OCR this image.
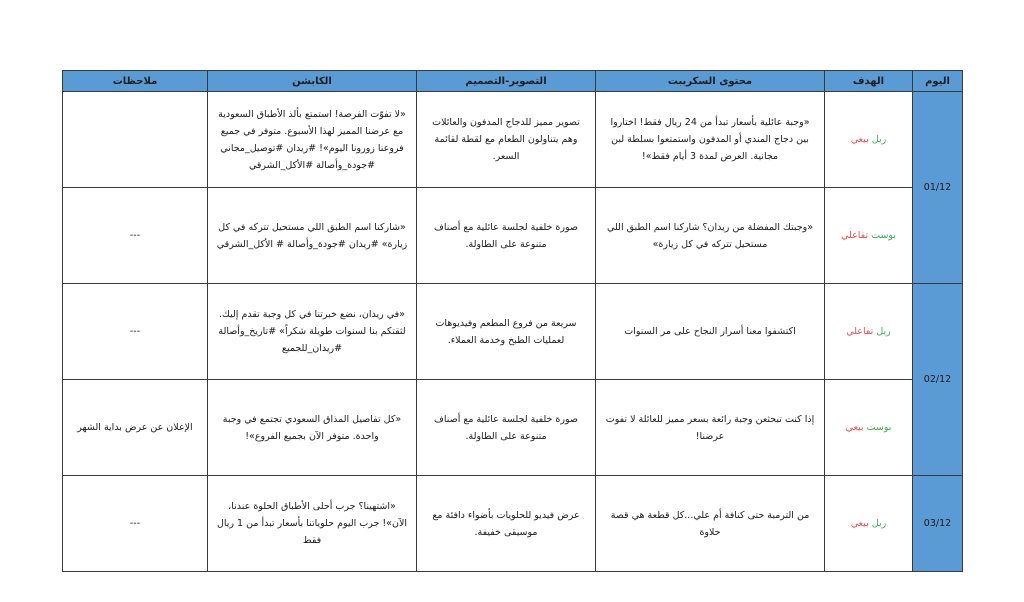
اليوم	الهدف	محتوى السكريبت	التصوير-التصميم	الكابشن	ملاحظات
01/12	ريل بيعي	«وجبة عائلية بأسعار تبدأ من 24 ريال فقط! اختاروا بين دجاج المندي أو المدفون واستمتعوا بسلطة لبن مجانية. العرض لمدة 3 أيام فقط»!	تصوير مميز للدجاج المدفون والعائلات وهم يتناولون الطعام مع لقطة لقائمة السعر.	«لا تفوّت الفرصة! استمتع بألذ الأطباق السعودية مع عرضنا المميز لهذا الأسبوع. متوفر في جميع فروعنا زورونا اليوم»! #ريدان #توصيل_مجاني #جودة_وأصالة #الأكل_الشرقي	
	بوست تفاعلي	«وجبتك المفضلة من ريدان؟ شاركنا اسم الطبق اللي مستحيل تتركه في كل زيارة»	صورة خلفية لجلسة عائلية مع أصناف متنوعة على الطاولة.	«شاركنا اسم الطبق اللي مستحيل تتركه في كل زيارة» #ريدان #جودة_وأصالة # الأكل_الشرقي	---
02/12	ريل تفاعلي	اكتشفوا معنا أسرار النجاح على مر السنوات	سريعة من فروع المطعم وفيديوهات لعمليات الطبخ وخدمة العملاء.	«في ريدان، نضع خبرتنا في كل وجبة تقدم إليك. لثقتكم بنا لسنوات طويلة شكراً» #تاريخ_وأصالة #ريدان_للجميع	---
	بوست بيعي	إذا كنت تبحثعن وجبة رائعة بسعر مميز للعائلة لا تفوت عرضنا!	صورة خلفية لجلسة عائلية مع أصناف متنوعة على الطاولة.	«كل تفاصيل المذاق السعودي تجتمع في وجبة واحدة. متوفر الآن بجميع الفروع»!	الإعلان عن عرض بداية الشهر
03/12	ريل بيعي	من الترمبة حتى كنافة أم علي...كل قطعة هي قصة حلاوة	عرض فيديو للحلويات بأضواء دافئة مع موسيقى خفيفة.	«اشتهينا؟ جرب أحلى الأطباق الحلوة عندنا، الآن»! جرب اليوم حلوياتنا بأسعار تبدأ من 1 ريال فقط	---
